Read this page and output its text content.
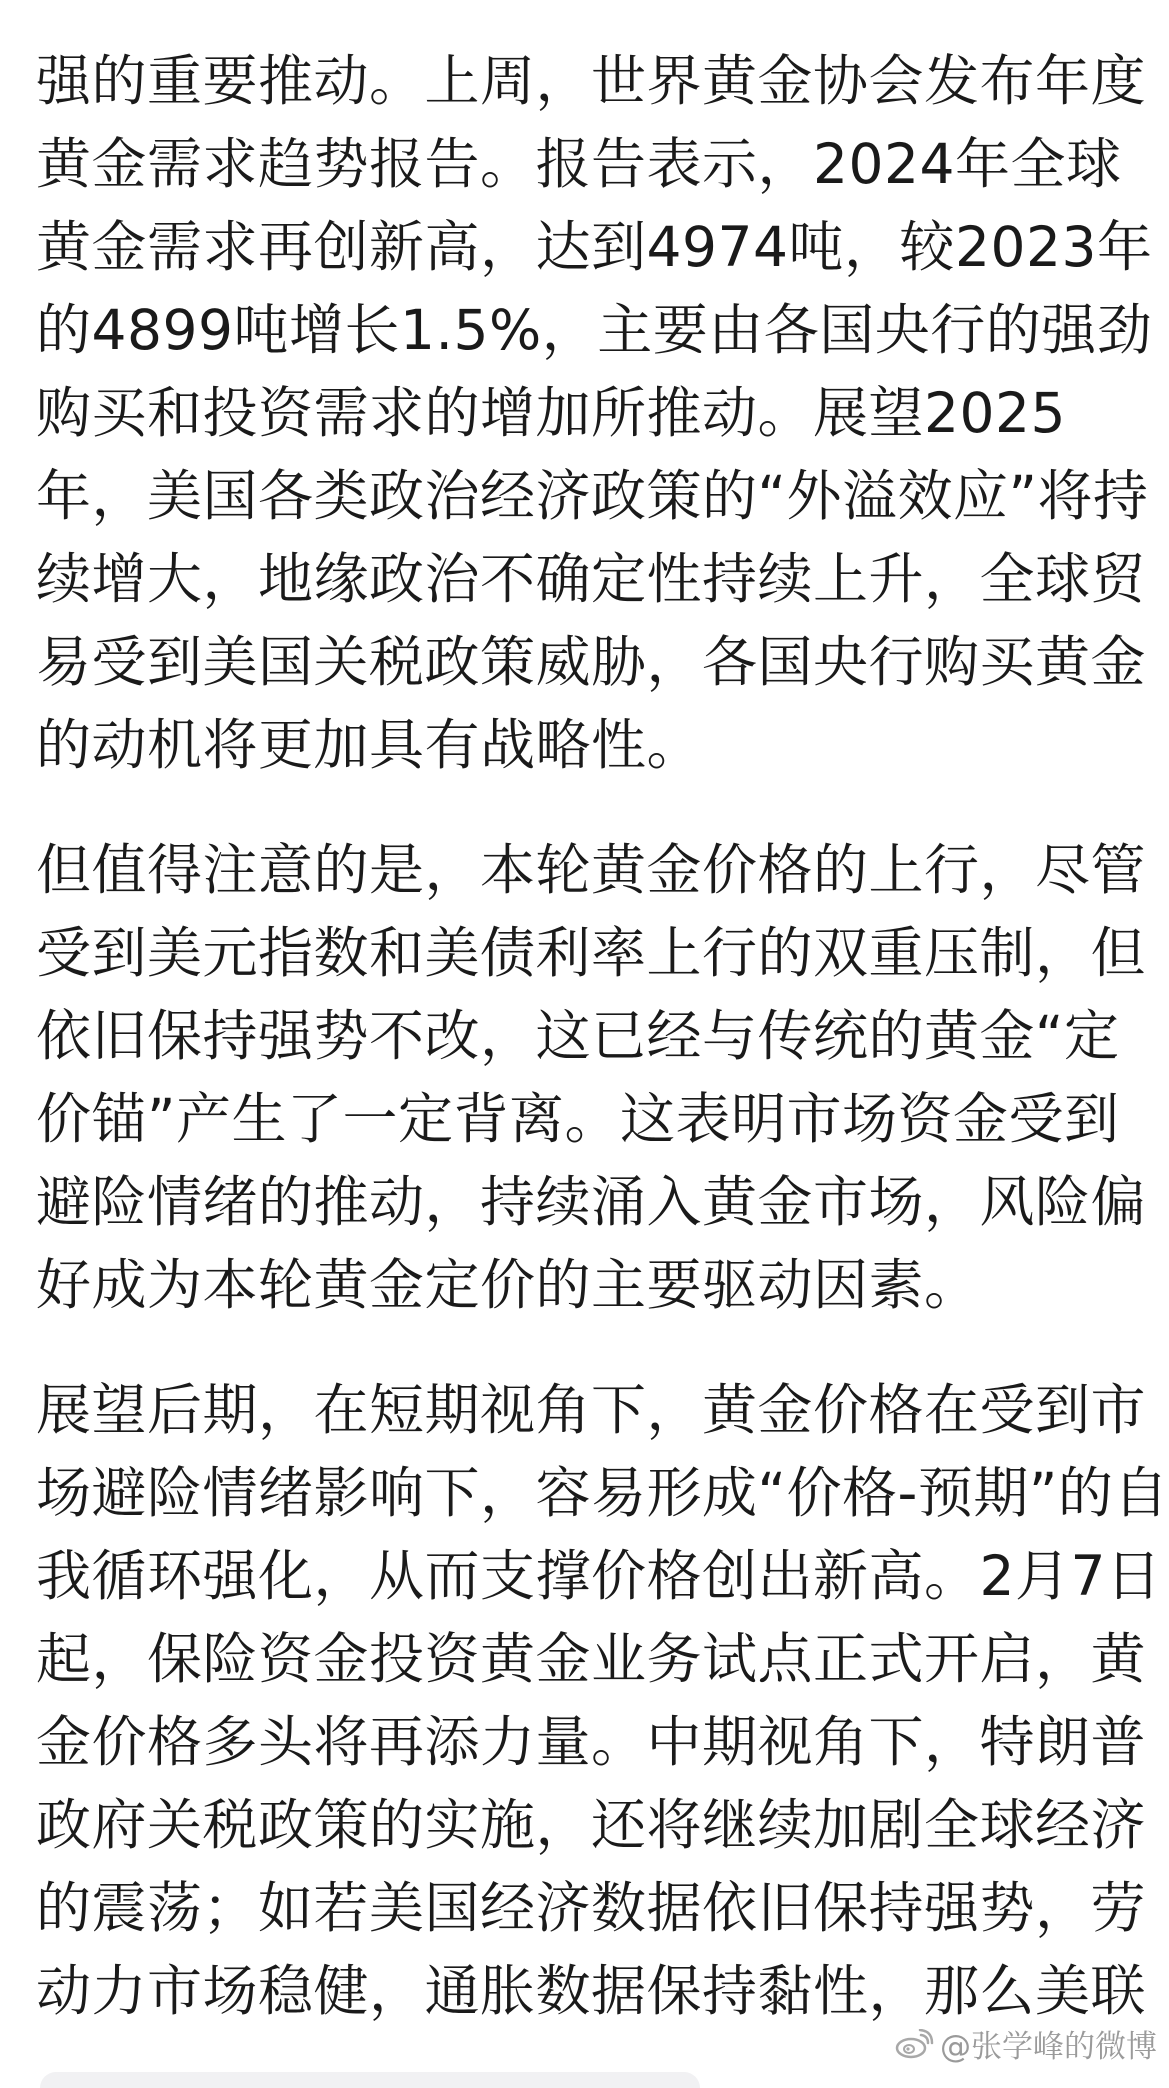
强的重要推动。上周，世界黄金协会发布年度
黄金需求趋势报告。报告表示，2024年全球
黄金需求再创新高，达到4974吨，较2023年
的4899吨增长1.5%，主要由各国央行的强劲
购买和投资需求的增加所推动。展望2025
年，美国各类政治经济政策的“外溢效应”将持
续增大，地缘政治不确定性持续上升，全球贸
易受到美国关税政策威胁，各国央行购买黄金
的动机将更加具有战略性。
但值得注意的是，本轮黄金价格的上行，尽管
受到美元指数和美债利率上行的双重压制，但
依旧保持强势不改，这已经与传统的黄金“定
价锚”产生了一定背离。这表明市场资金受到
避险情绪的推动，持续涌入黄金市场，风险偏
好成为本轮黄金定价的主要驱动因素。
展望后期，在短期视角下，黄金价格在受到市
场避险情绪影响下，容易形成“价格-预期”的自
我循环强化，从而支撑价格创出新高。2月7日
起，保险资金投资黄金业务试点正式开启，黄
金价格多头将再添力量。中期视角下，特朗普
政府关税政策的实施，还将继续加剧全球经济
的震荡；如若美国经济数据依旧保持强势，劳
动力市场稳健，通胀数据保持黏性，那么美联
@张学峰的微博
